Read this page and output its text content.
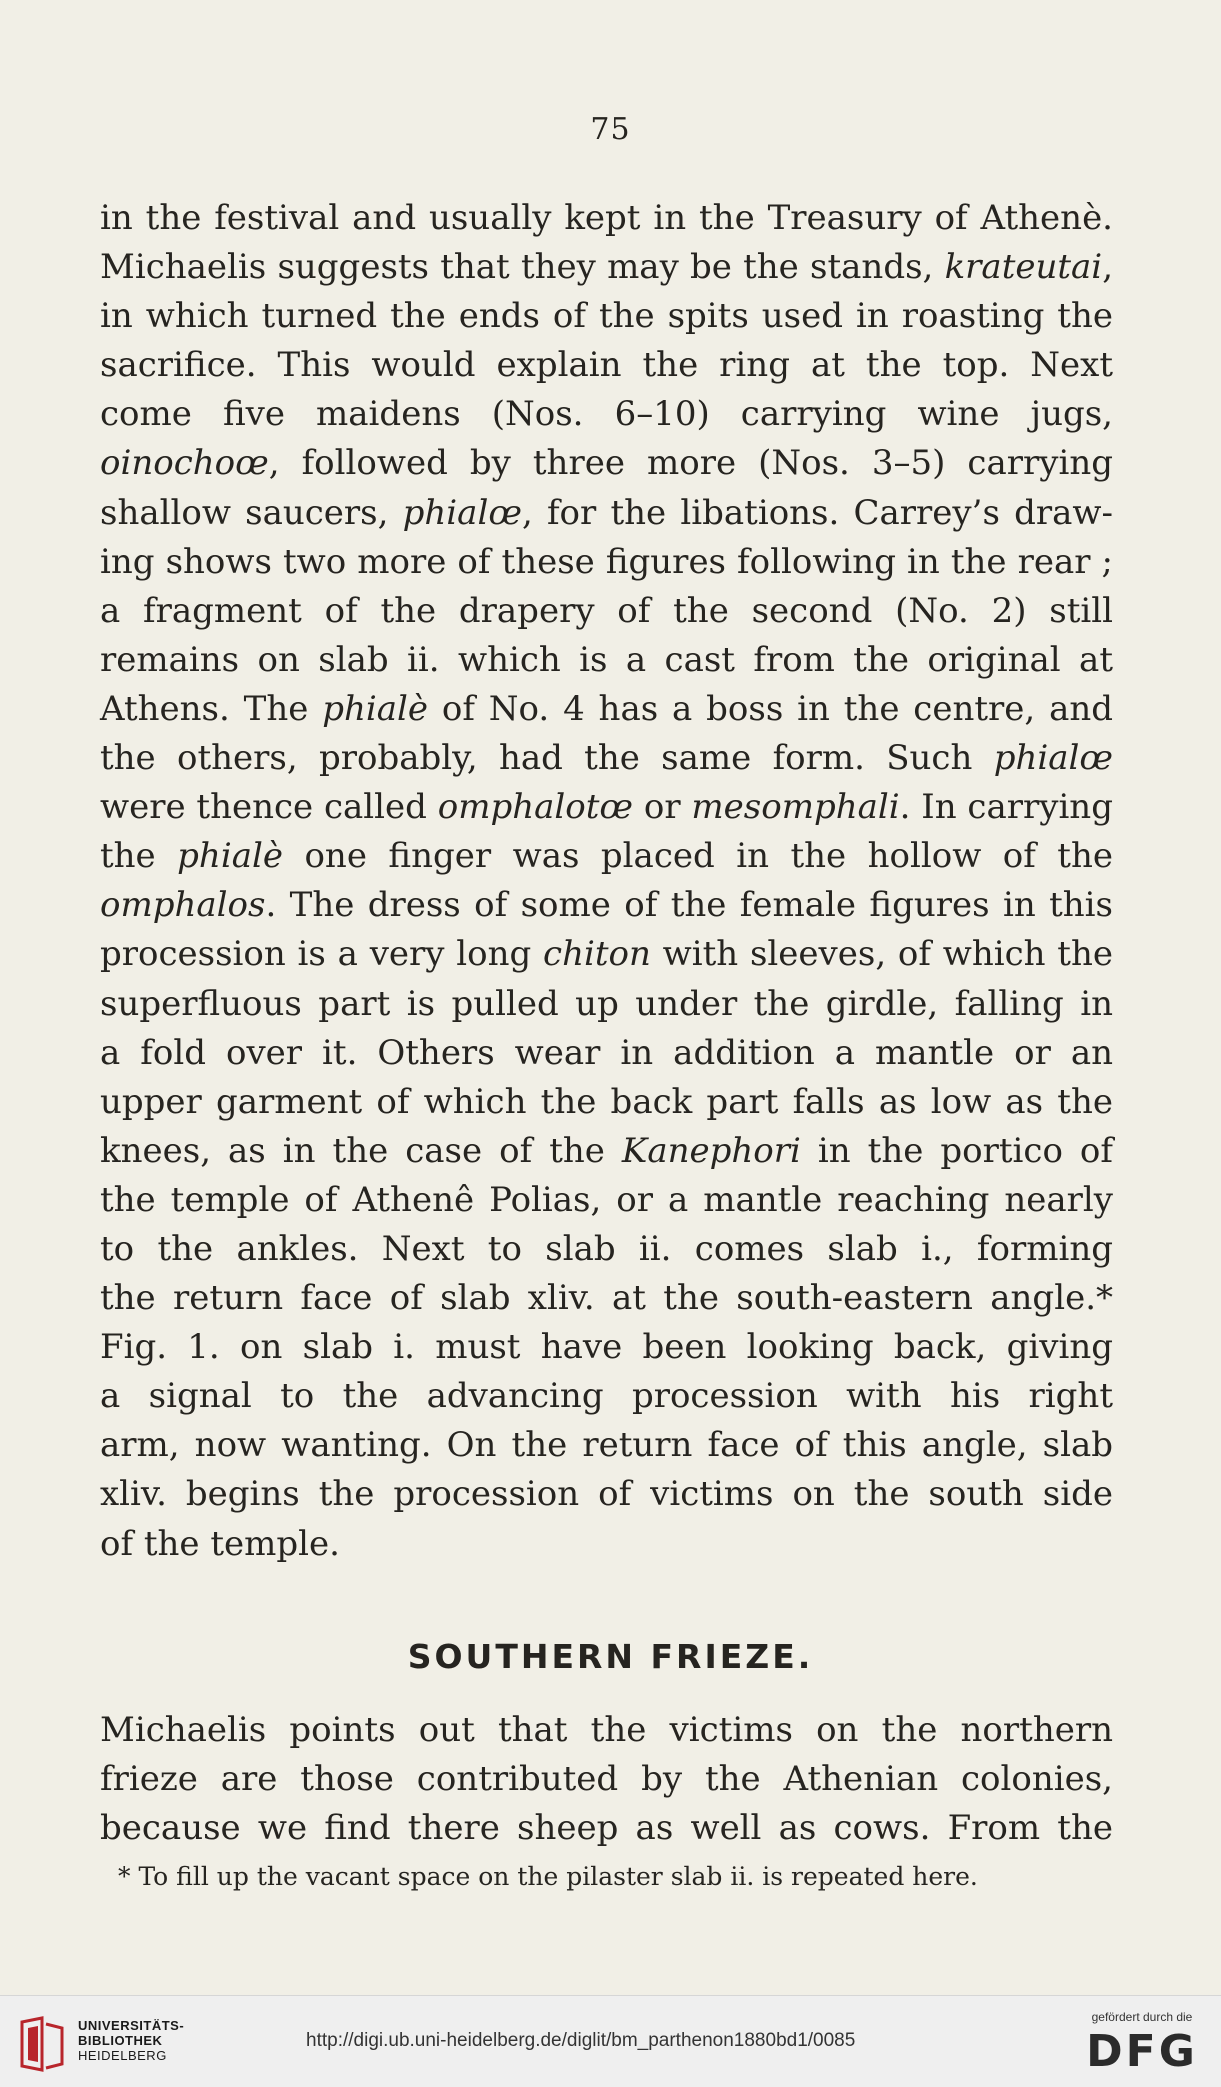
75
in the festival and usually kept in the Treasury of Athenè.
Michaelis suggests that they may be the stands, krateutai,
in which turned the ends of the spits used in roasting the
sacrifice. This would explain the ring at the top. Next
come five maidens (Nos. 6–10) carrying wine jugs,
oinochoœ, followed by three more (Nos. 3–5) carrying
shallow saucers, phialœ, for the libations. Carrey’s draw-
ing shows two more of these figures following in the rear ;
a fragment of the drapery of the second (No. 2) still
remains on slab ii. which is a cast from the original at
Athens. The phialè of No. 4 has a boss in the centre, and
the others, probably, had the same form. Such phialœ
were thence called omphalotœ or mesomphali. In carrying
the phialè one finger was placed in the hollow of the
omphalos. The dress of some of the female figures in this
procession is a very long chiton with sleeves, of which the
superfluous part is pulled up under the girdle, falling in
a fold over it. Others wear in addition a mantle or an
upper garment of which the back part falls as low as the
knees, as in the case of the Kanephori in the portico of
the temple of Athenê Polias, or a mantle reaching nearly
to the ankles. Next to slab ii. comes slab i., forming
the return face of slab xliv. at the south-eastern angle.*
Fig. 1. on slab i. must have been looking back, giving
a signal to the advancing procession with his right
arm, now wanting. On the return face of this angle, slab
xliv. begins the procession of victims on the south side
of the temple.
SOUTHERN FRIEZE.
Michaelis points out that the victims on the northern
frieze are those contributed by the Athenian colonies,
because we find there sheep as well as cows. From the
* To fill up the vacant space on the pilaster slab ii. is repeated here.
UNIVERSITÄTS-
BIBLIOTHEK
HEIDELBERG
http://digi.ub.uni-heidelberg.de/diglit/bm_parthenon1880bd1/0085
gefördert durch die
DFG
